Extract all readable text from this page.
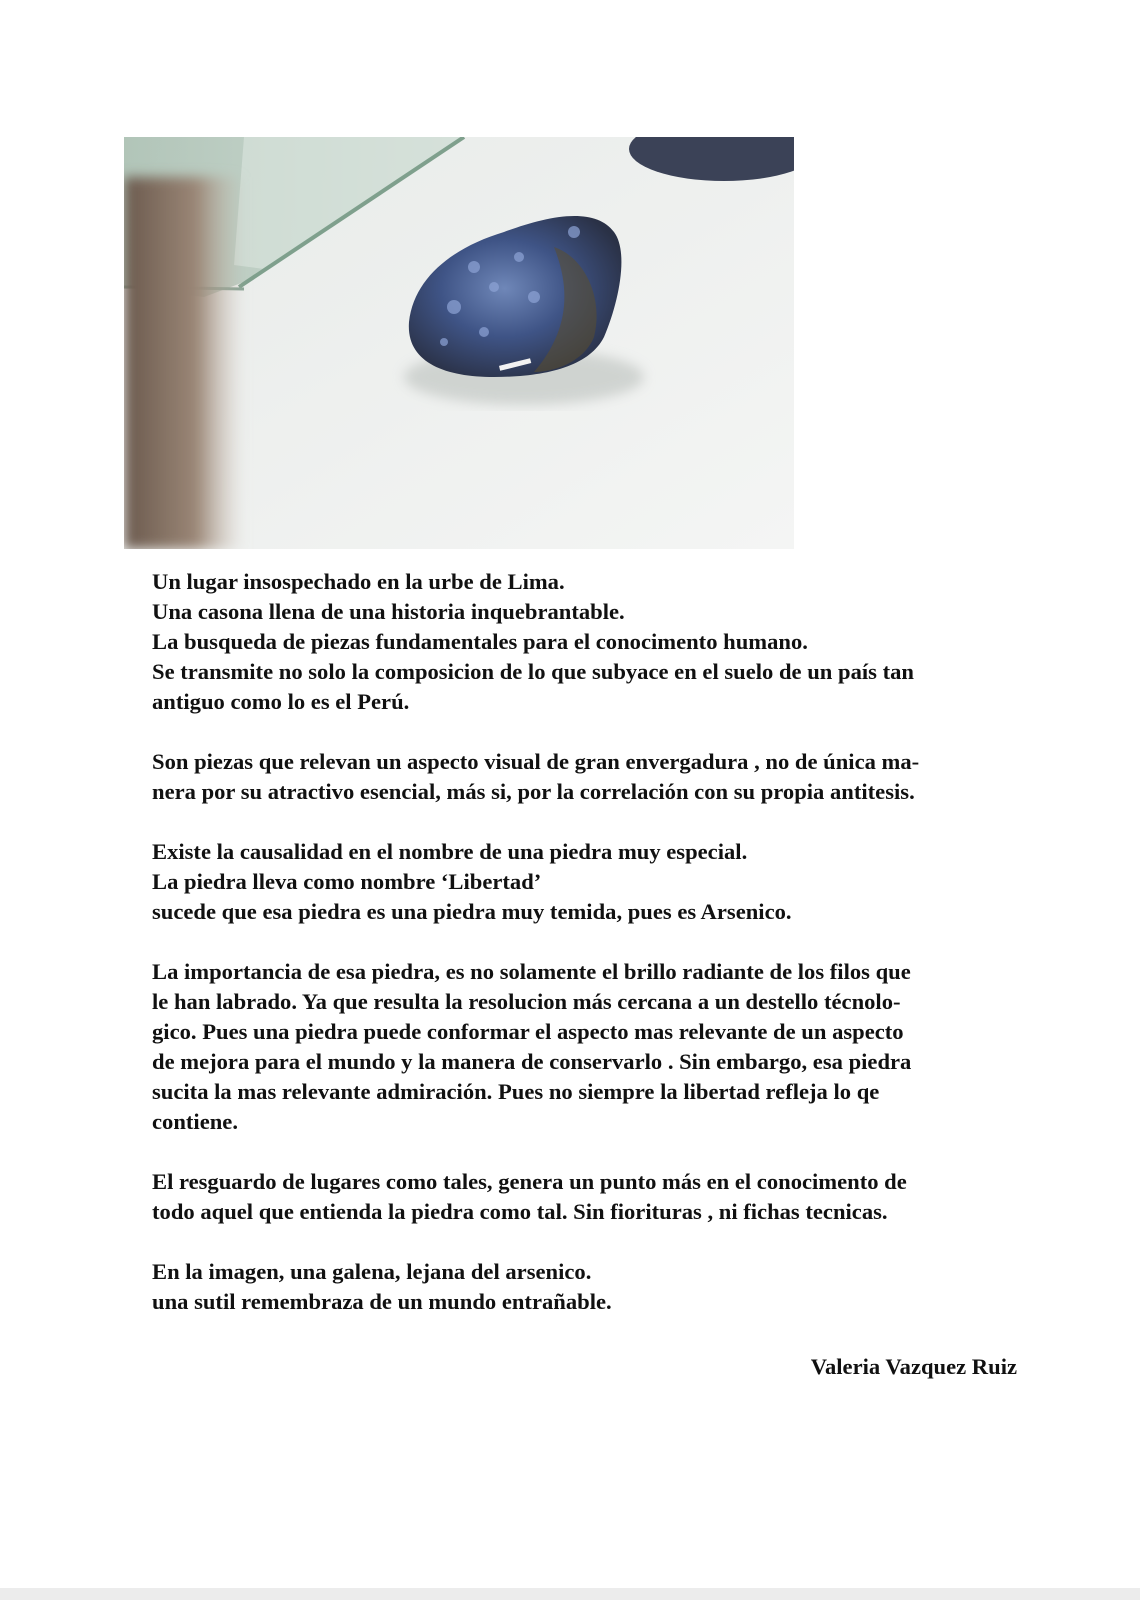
Un lugar insospechado en la urbe de Lima.
Una casona llena de una historia inquebrantable.
La busqueda de piezas fundamentales para el conocimento humano.
Se transmite no solo la composicion de lo que subyace en el suelo de un país tan
antiguo como lo es el Perú.
Son piezas que relevan un aspecto visual de gran envergadura , no de única ma-
nera por su atractivo esencial, más si, por la correlación con su propia antitesis.
Existe la causalidad en el nombre de una piedra muy especial.
La piedra lleva como nombre ‘Libertad’
sucede que esa piedra es una piedra muy temida, pues es Arsenico.
La importancia de esa piedra, es no solamente el brillo radiante de los filos que
le han labrado. Ya que resulta la resolucion más cercana a un destello técnolo-
gico. Pues una piedra puede conformar el aspecto mas relevante de un aspecto
de mejora para el mundo y la manera de conservarlo . Sin embargo, esa piedra
sucita la mas relevante admiración. Pues no siempre la libertad refleja lo qe
contiene.
El resguardo de lugares como tales, genera un punto más en el conocimento de
todo aquel que entienda la piedra como tal. Sin fiorituras , ni fichas tecnicas.
En la imagen, una galena, lejana del arsenico.
una sutil remembraza de un mundo entrañable.
Valeria Vazquez Ruiz
